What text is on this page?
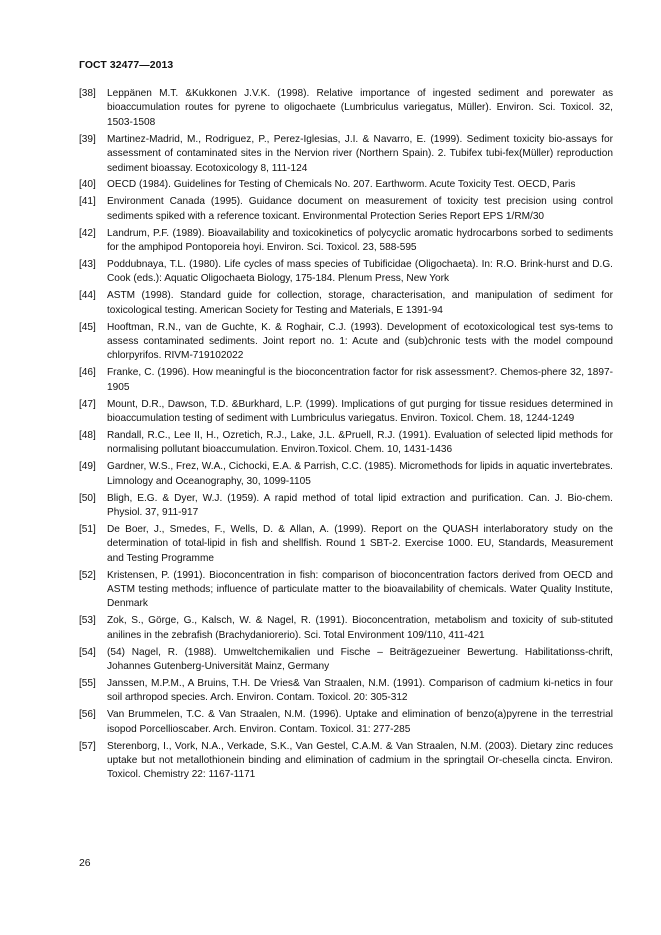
ГОСТ 32477—2013
[38]	Leppänen M.T. &Kukkonen J.V.K. (1998). Relative importance of ingested sediment and porewater as bioaccumulation routes for pyrene to oligochaete (Lumbriculus variegatus, Müller). Environ. Sci. Toxicol. 32, 1503-1508
[39]	Martinez-Madrid, M., Rodriguez, P., Perez-Iglesias, J.I. & Navarro, E. (1999). Sediment toxicity bio-assays for assessment of contaminated sites in the Nervion river (Northern Spain). 2. Tubifex tubi-fex(Müller) reproduction sediment bioassay. Ecotoxicology 8, 111-124
[40]	OECD (1984). Guidelines for Testing of Chemicals No. 207. Earthworm. Acute Toxicity Test. OECD, Paris
[41]	Environment Canada (1995). Guidance document on measurement of toxicity test precision using control sediments spiked with a reference toxicant. Environmental Protection Series Report EPS 1/RM/30
[42]	Landrum, P.F. (1989). Bioavailability and toxicokinetics of polycyclic aromatic hydrocarbons sorbed to sediments for the amphipod Pontoporeia hoyi. Environ. Sci. Toxicol. 23, 588-595
[43]	Poddubnaya, T.L. (1980). Life cycles of mass species of Tubificidae (Oligochaeta). In: R.O. Brink-hurst and D.G. Cook (eds.): Aquatic Oligochaeta Biology, 175-184. Plenum Press, New York
[44]	ASTM (1998). Standard guide for collection, storage, characterisation, and manipulation of sediment for toxicological testing. American Society for Testing and Materials, E 1391-94
[45]	Hooftman, R.N., van de Guchte, K. & Roghair, C.J. (1993). Development of ecotoxicological test sys-tems to assess contaminated sediments. Joint report no. 1: Acute and (sub)chronic tests with the model compound chlorpyrifos. RIVM-719102022
[46]	Franke, C. (1996). How meaningful is the bioconcentration factor for risk assessment?. Chemos-phere 32, 1897-1905
[47]	Mount, D.R., Dawson, T.D. &Burkhard, L.P. (1999). Implications of gut purging for tissue residues determined in bioaccumulation testing of sediment with Lumbriculus variegatus. Environ. Toxicol. Chem. 18, 1244-1249
[48]	Randall, R.C., Lee II, H., Ozretich, R.J., Lake, J.L. &Pruell, R.J. (1991). Evaluation of selected lipid methods for normalising pollutant bioaccumulation. Environ.Toxicol. Chem. 10, 1431-1436
[49]	Gardner, W.S., Frez, W.A., Cichocki, E.A. & Parrish, C.C. (1985). Micromethods for lipids in aquatic invertebrates. Limnology and Oceanography, 30, 1099-1105
[50]	Bligh, E.G. & Dyer, W.J. (1959). A rapid method of total lipid extraction and purification. Can. J. Bio-chem. Physiol. 37, 911-917
[51]	De Boer, J., Smedes, F., Wells, D. & Allan, A. (1999). Report on the QUASH interlaboratory study on the determination of total-lipid in fish and shellfish. Round 1 SBT-2. Exercise 1000. EU, Standards, Measurement and Testing Programme
[52]	Kristensen, P. (1991). Bioconcentration in fish: comparison of bioconcentration factors derived from OECD and ASTM testing methods; influence of particulate matter to the bioavailability of chemicals. Water Quality Institute, Denmark
[53]	Zok, S., Görge, G., Kalsch, W. & Nagel, R. (1991). Bioconcentration, metabolism and toxicity of sub-stituted anilines in the zebrafish (Brachydaniorerio). Sci. Total Environment 109/110, 411-421
[54]	(54) Nagel, R. (1988). Umweltchemikalien und Fische – Beiträgezueiner Bewertung. Habilitationss-chrift, Johannes Gutenberg-Universität Mainz, Germany
[55]	Janssen, M.P.M., A Bruins, T.H. De Vries& Van Straalen, N.M. (1991). Comparison of cadmium ki-netics in four soil arthropod species. Arch. Environ. Contam. Toxicol. 20: 305-312
[56]	Van Brummelen, T.C. & Van Straalen, N.M. (1996). Uptake and elimination of benzo(a)pyrene in the terrestrial isopod Porcellioscaber. Arch. Environ. Contam. Toxicol. 31: 277-285
[57]	Sterenborg, I., Vork, N.A., Verkade, S.K., Van Gestel, C.A.M. & Van Straalen, N.M. (2003). Dietary zinc reduces uptake but not metallothionein binding and elimination of cadmium in the springtail Or-chesella cincta. Environ. Toxicol. Chemistry 22: 1167-1171
26
